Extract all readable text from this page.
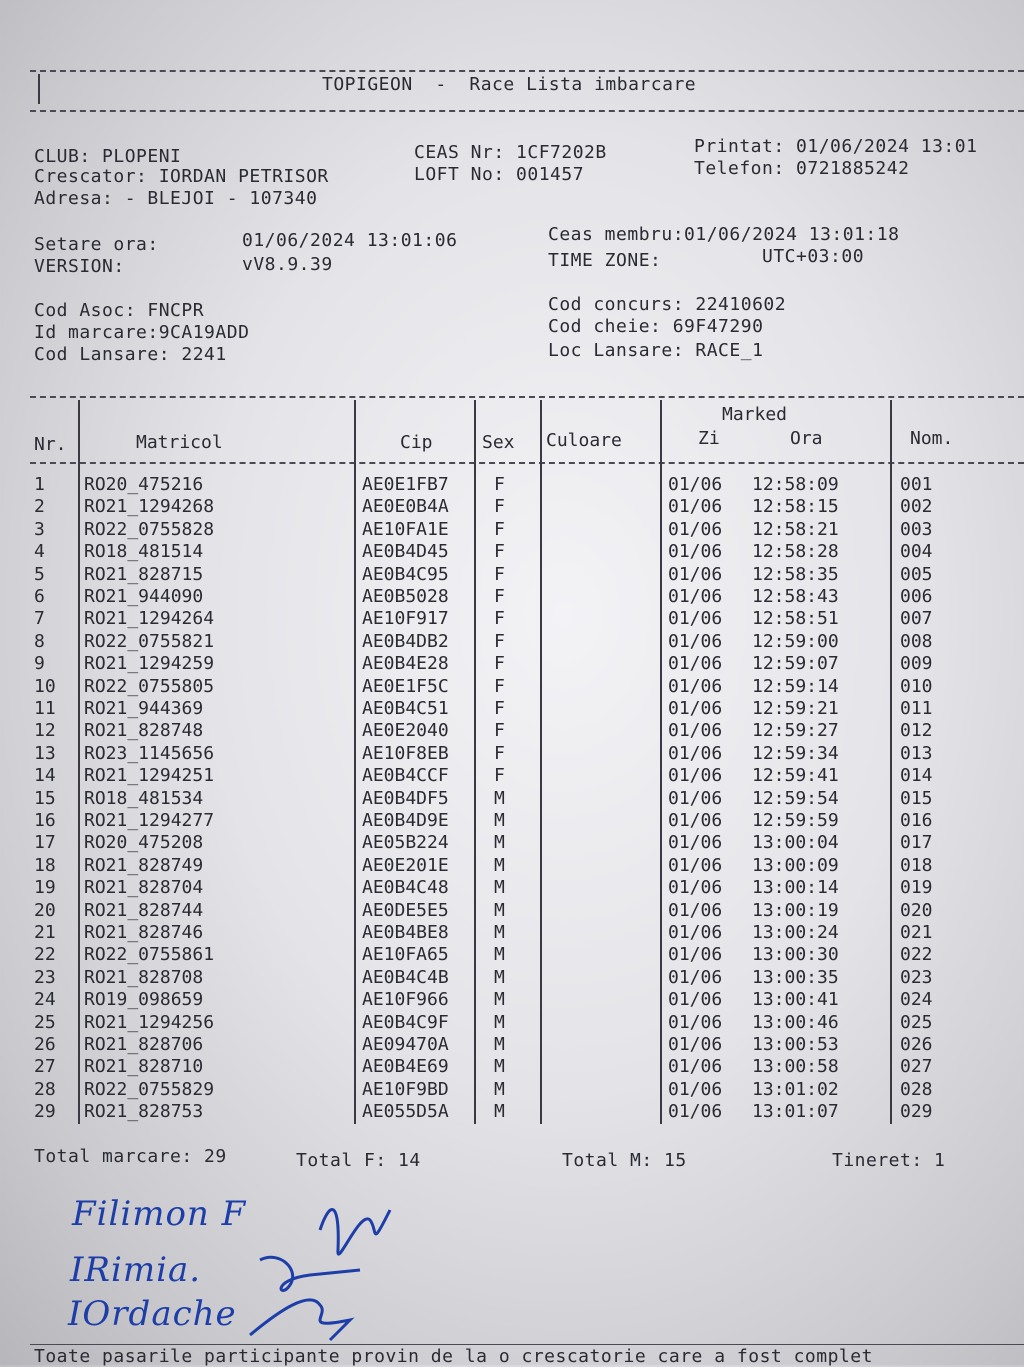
TOPIGEON  -  Race Lista imbarcare
CLUB: PLOPENI
Crescator: IORDAN PETRISOR
Adresa: - BLEJOI - 107340
CEAS Nr: 1CF7202B
LOFT No: 001457
Printat: 01/06/2024 13:01
Telefon: 0721885242
Setare ora:	01/06/2024 13:01:06
VERSION:	vV8.9.39
Ceas membru:01/06/2024 13:01:18
TIME ZONE:	UTC+03:00
Cod Asoc: FNCPR
Id marcare:9CA19ADD
Cod Lansare: 2241
Cod concurs: 22410602
Cod cheie: 69F47290
Loc Lansare: RACE_1
Nr.	Matricol	Cip	Sex Culoare
Marked
Zi	Ora	Nom.
1 RO20_475216	AE0E1FB7	F	01/06 12:58:09	001
2 RO21_1294268	AE0E0B4A	F	01/06 12:58:15	002
3 RO22_0755828	AE10FA1E	F	01/06 12:58:21	003
4 RO18_481514	AE0B4D45	F	01/06 12:58:28	004
5 RO21_828715	AE0B4C95	F	01/06 12:58:35	005
6 RO21_944090	AE0B5028	F	01/06 12:58:43	006
7 RO21_1294264	AE10F917	F	01/06 12:58:51	007
8 RO22_0755821	AE0B4DB2	F	01/06 12:59:00	008
9 RO21_1294259	AE0B4E28	F	01/06 12:59:07	009
10 RO22_0755805	AE0E1F5C	F	01/06 12:59:14	010
11 RO21_944369	AE0B4C51	F	01/06 12:59:21	011
12 RO21_828748	AE0E2040	F	01/06 12:59:27	012
13 RO23_1145656	AE10F8EB	F	01/06 12:59:34	013
14 RO21_1294251	AE0B4CCF	F	01/06 12:59:41	014
15 RO18_481534	AE0B4DF5	M	01/06 12:59:54	015
16 RO21_1294277	AE0B4D9E	M	01/06 12:59:59	016
17 RO20_475208	AE05B224	M	01/06 13:00:04	017
18 RO21_828749	AE0E201E	M	01/06 13:00:09	018
19 RO21_828704	AE0B4C48	M	01/06 13:00:14	019
20 RO21_828744	AE0DE5E5	M	01/06 13:00:19	020
21 RO21_828746	AE0B4BE8	M	01/06 13:00:24	021
22 RO22_0755861	AE10FA65	M	01/06 13:00:30	022
23 RO21_828708	AE0B4C4B	M	01/06 13:00:35	023
24 RO19_098659	AE10F966	M	01/06 13:00:41	024
25 RO21_1294256	AE0B4C9F	M	01/06 13:00:46	025
26 RO21_828706	AE09470A	M	01/06 13:00:53	026
27 RO21_828710	AE0B4E69	M	01/06 13:00:58	027
28 RO22_0755829	AE10F9BD	M	01/06 13:01:02	028
29 RO21_828753	AE055D5A	M	01/06 13:01:07	029
Total marcare: 29	Total F: 14	Total M: 15	Tineret: 1
Filimon F
IRimia.
IOrdache
Toate pasarile participante provin de la o crescatorie care a fost complet
